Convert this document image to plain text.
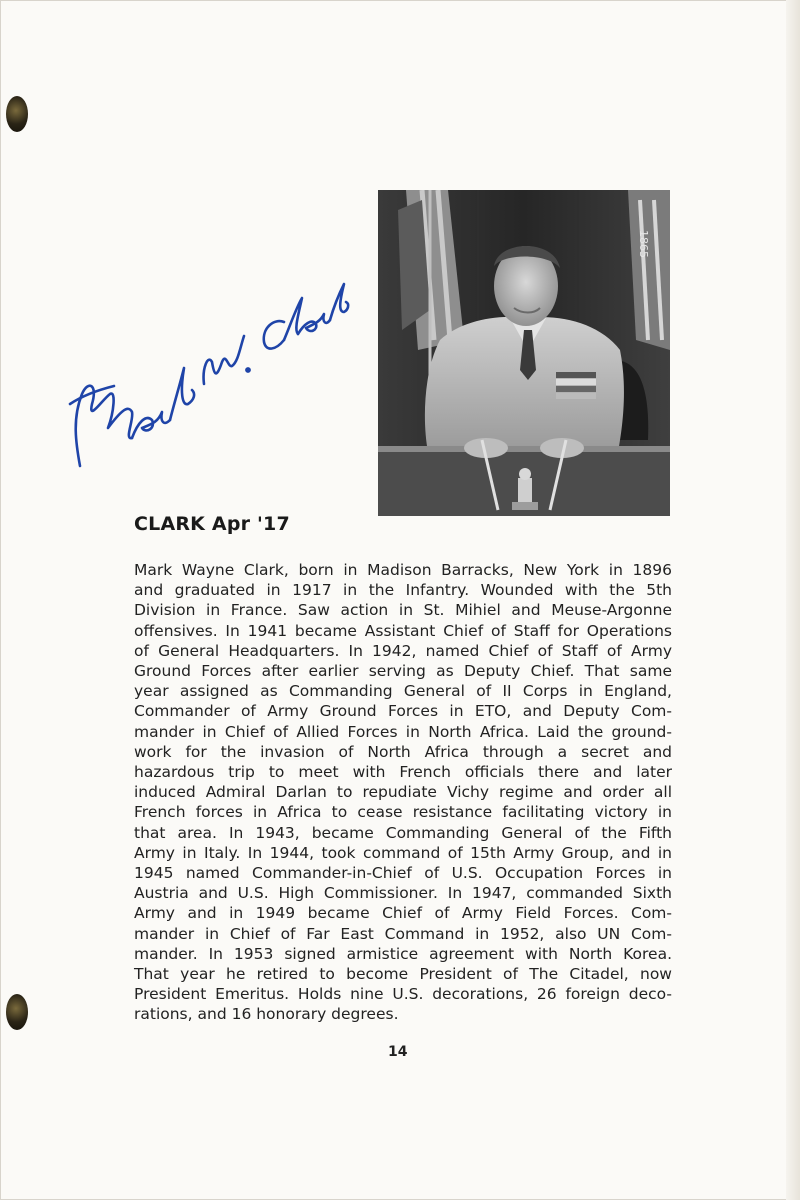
1865
CLARK Apr '17
Mark Wayne Clark, born in Madison Barracks, New York in 1896
and graduated in 1917 in the Infantry. Wounded with the 5th
Division in France. Saw action in St. Mihiel and Meuse-Argonne
offensives. In 1941 became Assistant Chief of Staff for Operations
of General Headquarters. In 1942, named Chief of Staff of Army
Ground Forces after earlier serving as Deputy Chief. That same
year assigned as Commanding General of II Corps in England,
Commander of Army Ground Forces in ETO, and Deputy Com-
mander in Chief of Allied Forces in North Africa. Laid the ground-
work for the invasion of North Africa through a secret and
hazardous trip to meet with French officials there and later
induced Admiral Darlan to repudiate Vichy regime and order all
French forces in Africa to cease resistance facilitating victory in
that area. In 1943, became Commanding General of the Fifth
Army in Italy. In 1944, took command of 15th Army Group, and in
1945 named Commander-in-Chief of U.S. Occupation Forces in
Austria and U.S. High Commissioner. In 1947, commanded Sixth
Army and in 1949 became Chief of Army Field Forces. Com-
mander in Chief of Far East Command in 1952, also UN Com-
mander. In 1953 signed armistice agreement with North Korea.
That year he retired to become President of The Citadel, now
President Emeritus. Holds nine U.S. decorations, 26 foreign deco-
rations, and 16 honorary degrees.
14
